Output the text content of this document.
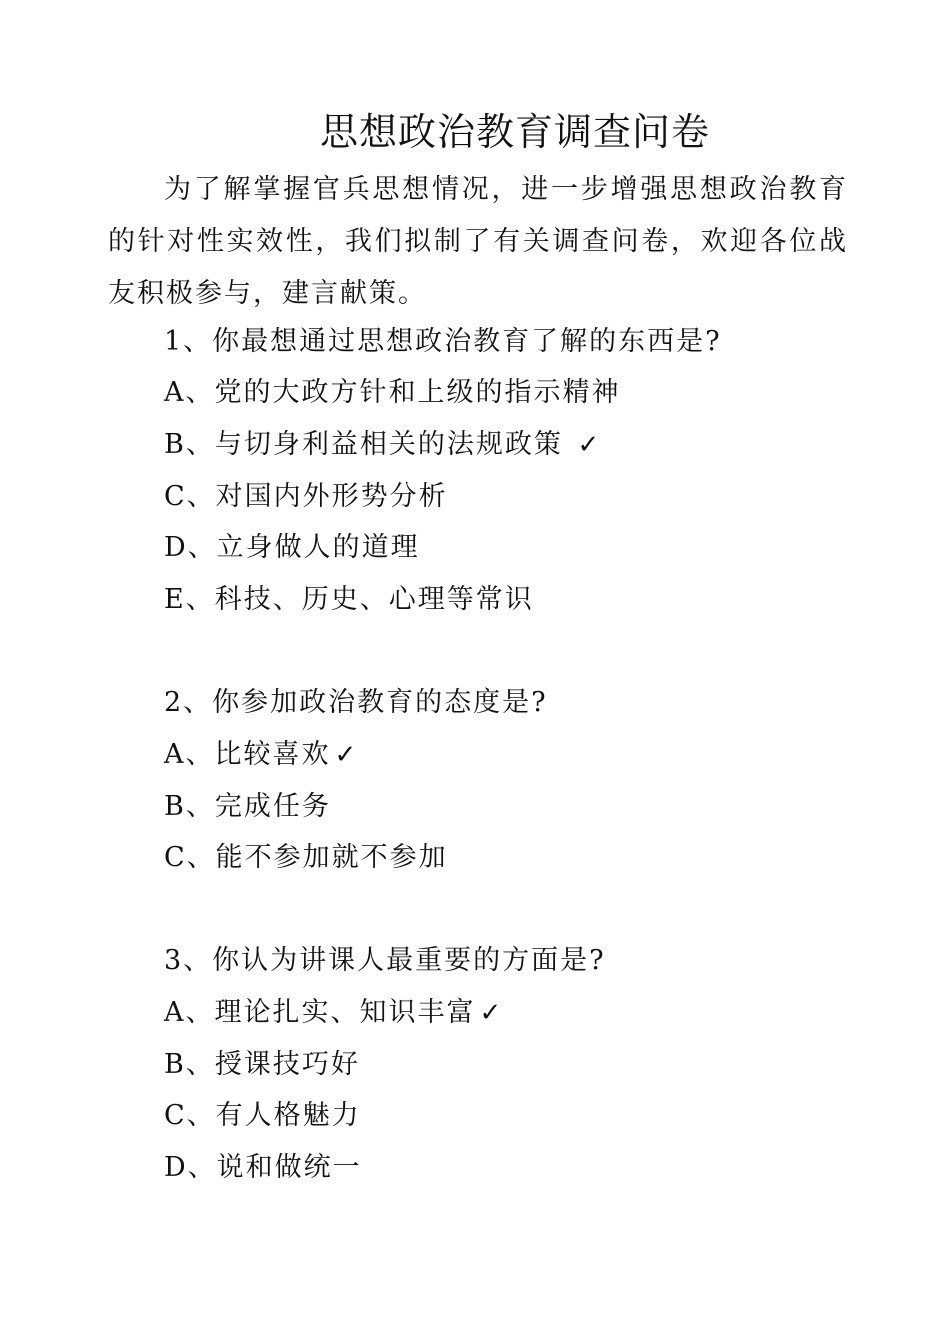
思想政治教育调查问卷

为了解掌握官兵思想情况，进一步增强思想政治教育的针对性实效性，我们拟制了有关调查问卷，欢迎各位战友积极参与，建言献策。

1、你最想通过思想政治教育了解的东西是?
A、党的大政方针和上级的指示精神
B、与切身利益相关的法规政策 ✓
C、对国内外形势分析
D、立身做人的道理
E、科技、历史、心理等常识
2、你参加政治教育的态度是?
A、比较喜欢 ✓
B、完成任务
C、能不参加就不参加
3、你认为讲课人最重要的方面是?
A、理论扎实、知识丰富 ✓
B、授课技巧好
C、有人格魅力
D、说和做统一
